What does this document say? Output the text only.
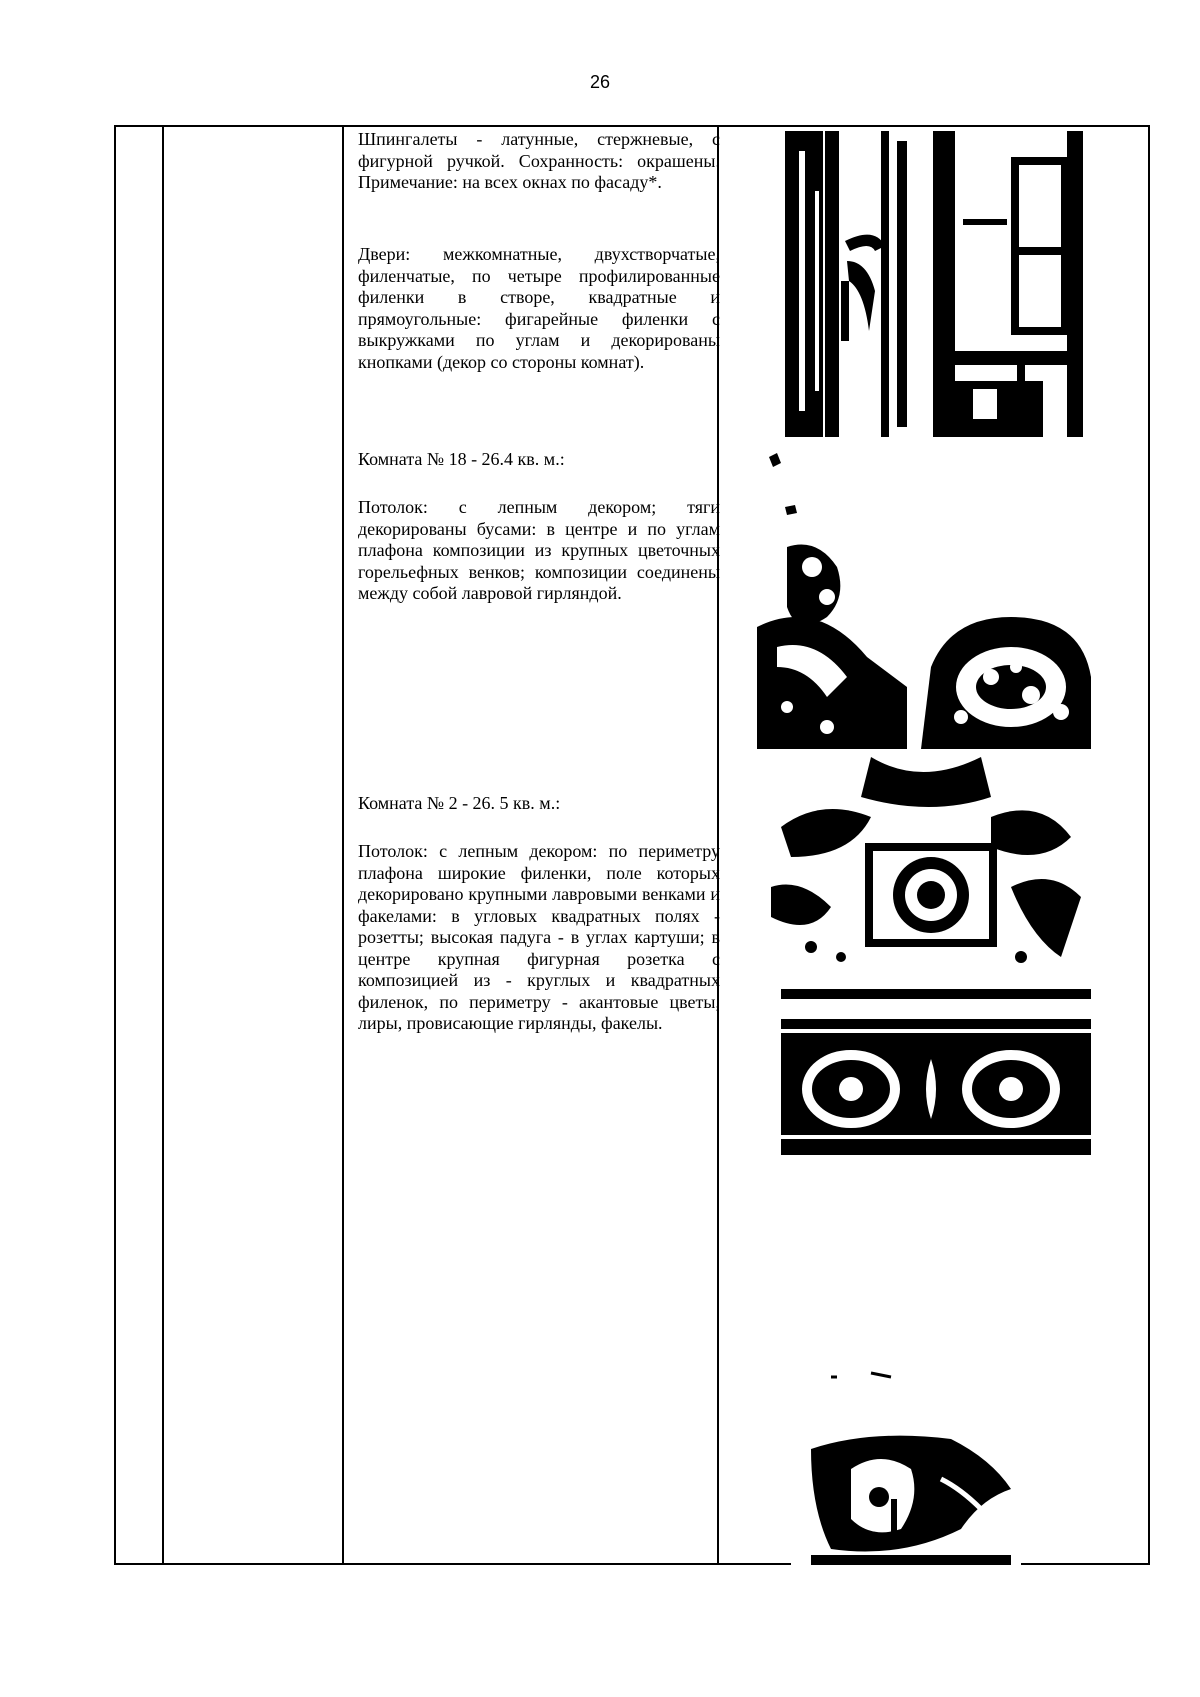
26

Шпингалеты - латунные, стержневые, с фигурной ручкой. Сохранность: окрашены. Примечание: на всех окнах по фасаду*.

Двери: межкомнатные, двухстворчатые, филенчатые, по четыре профилированные филенки в створе, квадратные и прямоугольные: фигарейные филенки с выкружками по углам и декорированы кнопками (декор со стороны комнат).

Комната № 18 - 26.4 кв. м.:

Потолок: с лепным декором; тяги декорированы бусами: в центре и по углам плафона композиции из крупных цветочных горельефных венков; композиции соединены между собой лавровой гирляндой.

Комната № 2 - 26. 5 кв. м.:

Потолок: с лепным декором: по периметру плафона широкие филенки, поле которых декорировано крупными лавровыми венками и факелами: в угловых квадратных полях - розетты; высокая падуга - в углах картуши; в центре крупная фигурная розетка с композицией из - круглых и квадратных филенок, по периметру - акантовые цветы, лиры, провисающие гирлянды, факелы.
